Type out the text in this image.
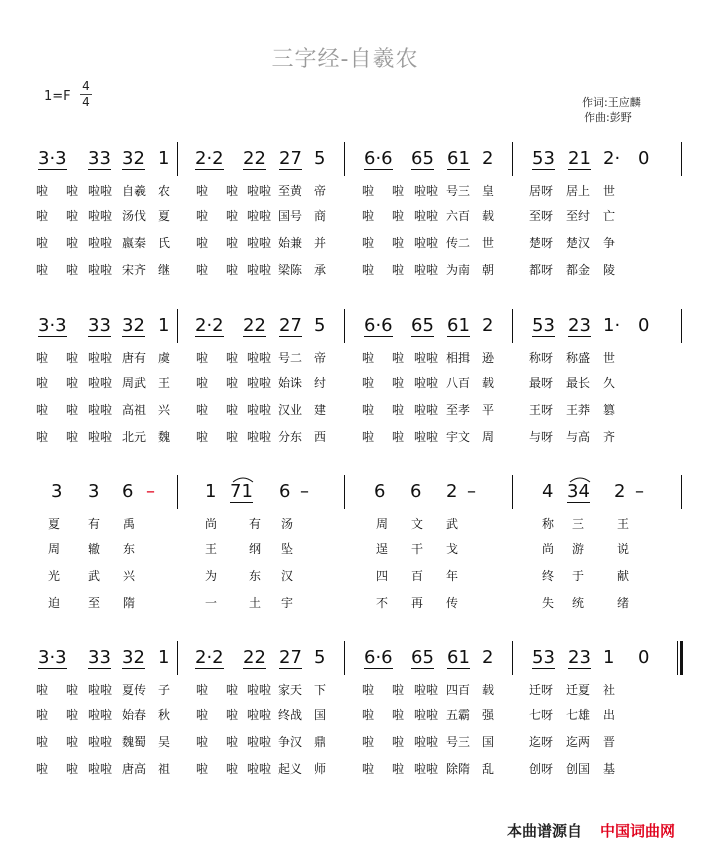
三字经-自羲农
1=F
4
4	作词:王应麟
作曲:彭野
3·3 33 32 1 2·2 22 27 5 6·6 65 61 2 53 21 2· 0
啦 啦 啦啦 自羲 农 啦 啦 啦啦 至黄 帝	啦 啦 啦啦 号三 皇	居呀 居上 世
啦 啦 啦啦 汤伐 夏 啦 啦 啦啦 国号 商	啦 啦 啦啦 六百 载	至呀 至纣 亡
啦 啦 啦啦 嬴秦 氏 啦 啦 啦啦 始兼 并	啦 啦 啦啦 传二 世	楚呀 楚汉 争
啦 啦 啦啦 宋齐 继 啦 啦 啦啦 梁陈 承	啦 啦 啦啦 为南 朝	都呀 都金 陵
3·3 33 32 1 2·2 22 27 5 6·6 65 61 2 53 23 1· 0
啦 啦 啦啦 唐有 虞 啦 啦 啦啦 号二 帝	啦 啦 啦啦 相揖 逊	称呀 称盛 世
啦 啦 啦啦 周武 王 啦 啦 啦啦 始诛 纣	啦 啦 啦啦 八百 载	最呀 最长 久
啦 啦 啦啦 高祖 兴 啦 啦 啦啦 汉业 建	啦 啦 啦啦 至孝 平	王呀 王莽 篡
啦 啦 啦啦 北元 魏 啦 啦 啦啦 分东 西	啦 啦 啦啦 宇文 周	与呀 与高 齐
3 3 6 –	1 71 6 –	6 6 2 –	4 34 2 –
夏 有 禹	尚	有 汤	周 文 武	称 三	王
周 辙 东	王	纲 坠	逞 干 戈	尚 游	说
光 武 兴	为	东 汉	四 百 年	终 于	献
迫 至 隋	一	土 宇	不 再 传	失 统	绪
3·3 33 32 1 2·2 22 27 5 6·6 65 61 2 53 23 1 0
啦 啦 啦啦 夏传 子 啦 啦 啦啦 家天 下	啦 啦 啦啦 四百 载	迁呀 迁夏 社
啦 啦 啦啦 始春 秋 啦 啦 啦啦 终战 国	啦 啦 啦啦 五霸 强	七呀 七雄 出
啦 啦 啦啦 魏蜀 吴 啦 啦 啦啦 争汉 鼎	啦 啦 啦啦 号三 国	迄呀 迄两 晋
啦 啦 啦啦 唐高 祖 啦 啦 啦啦 起义 师	啦 啦 啦啦 除隋 乱	创呀 创国 基
本曲谱源自 中国词曲网
